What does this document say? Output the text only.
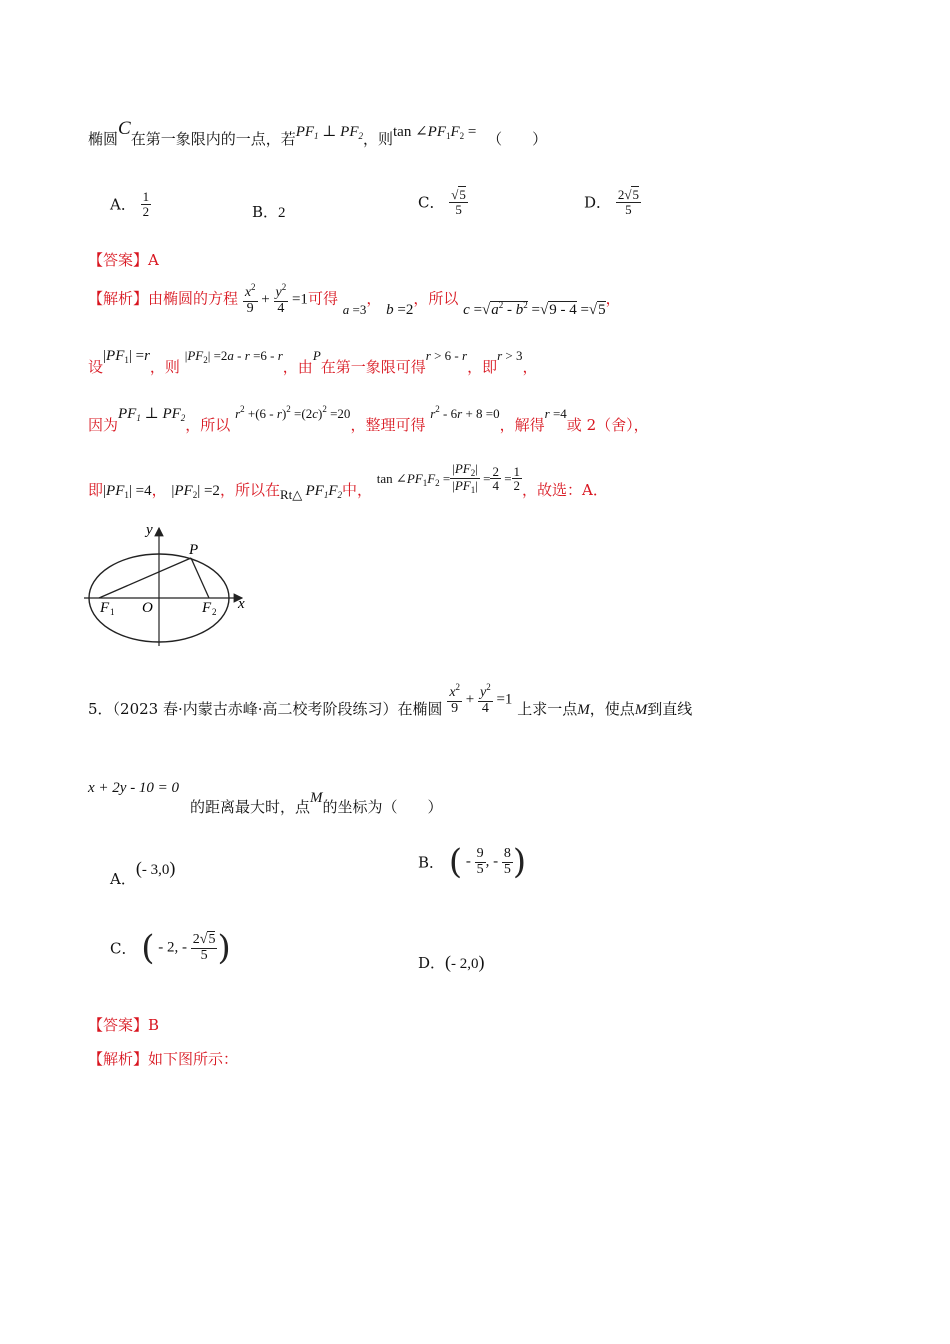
椭圆C在第一象限内的一点，若$PF_1$ ⊥ $PF_2$，则$\tan \angle PF_1F_2$ = （　　）
A． $\frac{1}{2}$	B．2
C． $\frac{√5}{5}$	D． $\frac{2√5}{5}$
【答案】A
【解析】由椭圆的方程 $\frac{x^2}{9} + \frac{y^2}{4} =1$可得 a =3， b =2，所以 $c =√a^2 - b^2 =√9 - 4 =√5$，
设$|PF_1| =r$，则 $|PF_2| =2a - r =6 - r$，由P在第一象限可得r > 6 - r，即r > 3，
因为$PF_1$ ⊥ $PF_2$，所以 $r^2 +(6 - r)^2 =(2c)^2 =20$，整理可得 $r^2 - 6r + 8 =0$，解得r =4或 2（舍），
即$|PF_1| =4$， $|PF_2| =2$，所以在Rt△ $PF_1F_2$中， $\tan \angle PF_1F_2 = \frac{|PF_2|}{|PF_1|} = \frac{2}{4} = \frac{1}{2}$ ，故选：A．
y
x
P
O
F 1	F 2
5．（2023 春·内蒙古赤峰·高二校考阶段练习）在椭圆 $\frac{x^2}{9} + \frac{y^2}{4} =1$ 上求一点M，使点M到直线
x + 2y - 10 = 0
的距离最大时，点M的坐标为（　　）
A．(- 3,0)	B． ( - $\frac{9}{5}$ , - $\frac{8}{5}$ )
C． ( - 2, - $\frac{2√5}{5}$ )	D．(- 2,0)
【答案】B
【解析】如下图所示：
